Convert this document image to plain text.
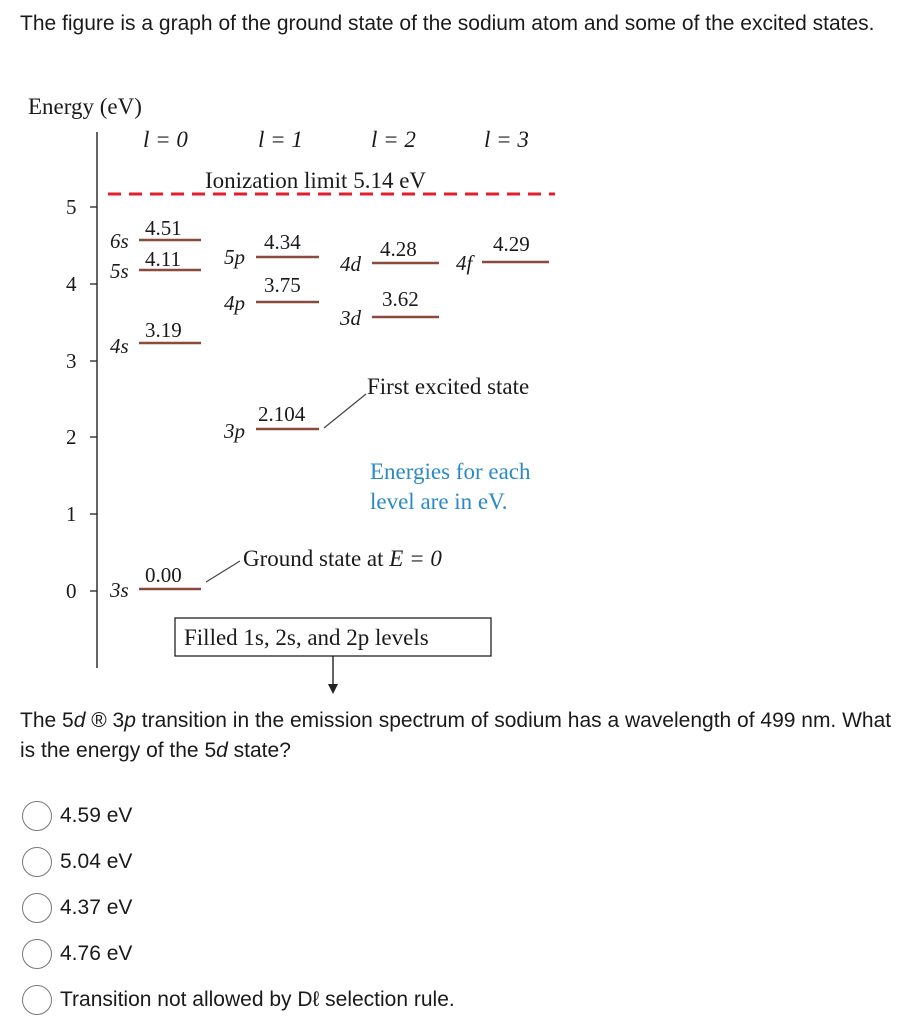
The figure is a graph of the ground state of the sodium atom and some of the excited states.
Energy (eV)
5
4
3
2
1
0
l = 0	l = 1	l = 2	l = 3
Ionization limit 5.14 eV
6s
4.51
5s 4.11
4s
3.19
3s
0.00
5p
4.34
4p
3.75
3p
2.104
4d
4.28
3d
3.62
4f
4.29
First excited state
Energies for each
level are in eV.
Ground state at E = 0
Filled 1s, 2s, and 2p levels
The 5d ® 3p transition in the emission spectrum of sodium has a wavelength of 499 nm. What is the energy of the 5d state?
4.59 eV
5.04 eV
4.37 eV
4.76 eV
Transition not allowed by Dℓ selection rule.
